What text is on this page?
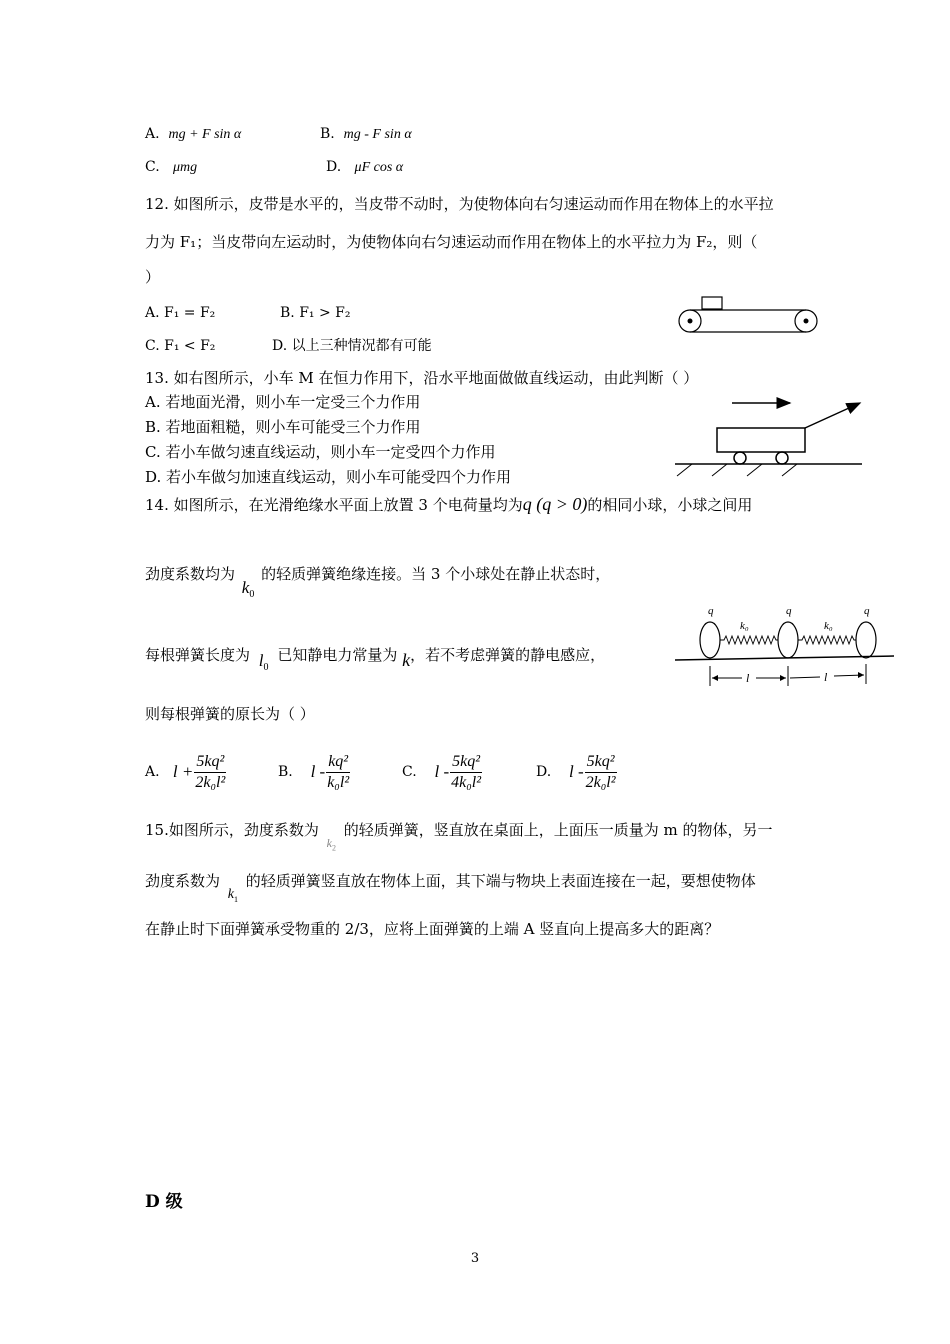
A. mg + F sin α	B. mg - F sin α
C. μmg	D. μF cos α
12. 如图所示，皮带是水平的，当皮带不动时，为使物体向右匀速运动而作用在物体上的水平拉
力为 F₁；当皮带向左运动时，为使物体向右匀速运动而作用在物体上的水平拉力为 F₂，则（
）
A. F₁ = F₂	B. F₁ > F₂
C. F₁ < F₂	D. 以上三种情况都有可能
13. 如右图所示，小车 M 在恒力作用下，沿水平地面做做直线运动，由此判断（ ）
A. 若地面光滑，则小车一定受三个力作用
B. 若地面粗糙，则小车可能受三个力作用
C. 若小车做匀速直线运动，则小车一定受四个力作用
D. 若小车做匀加速直线运动，则小车可能受四个力作用
14. 如图所示，在光滑绝缘水平面上放置 3 个电荷量均为q (q > 0)的相同小球，小球之间用
劲度系数均为 $k_0$ 的轻质弹簧绝缘连接。当 3 个小球处在静止状态时，
每根弹簧长度为 $l_0$ 已知静电力常量为 k，若不考虑弹簧的静电感应，
则每根弹簧的原长为（ ）
q	q	q
k₀	k₀
l	l
A.
$l + \frac{\text{5kq²}}{\text{2k₀l²}}$	B.
l - $\frac{\text{kq²}}{\text{k₀l²}}$	C.
l - $\frac{\text{5kq²}}{\text{4k₀l²}}$	D.
l - $\frac{\text{5kq²}}{\text{2k₀l²}}$
15.如图所示，劲度系数为 $k_2$ 的轻质弹簧，竖直放在桌面上，上面压一质量为 m 的物体，另一
劲度系数为 $k_1$ 的轻质弹簧竖直放在物体上面，其下端与物块上表面连接在一起，要想使物体
在静止时下面弹簧承受物重的 2/3，应将上面弹簧的上端 A 竖直向上提高多大的距离？
D 级
3
